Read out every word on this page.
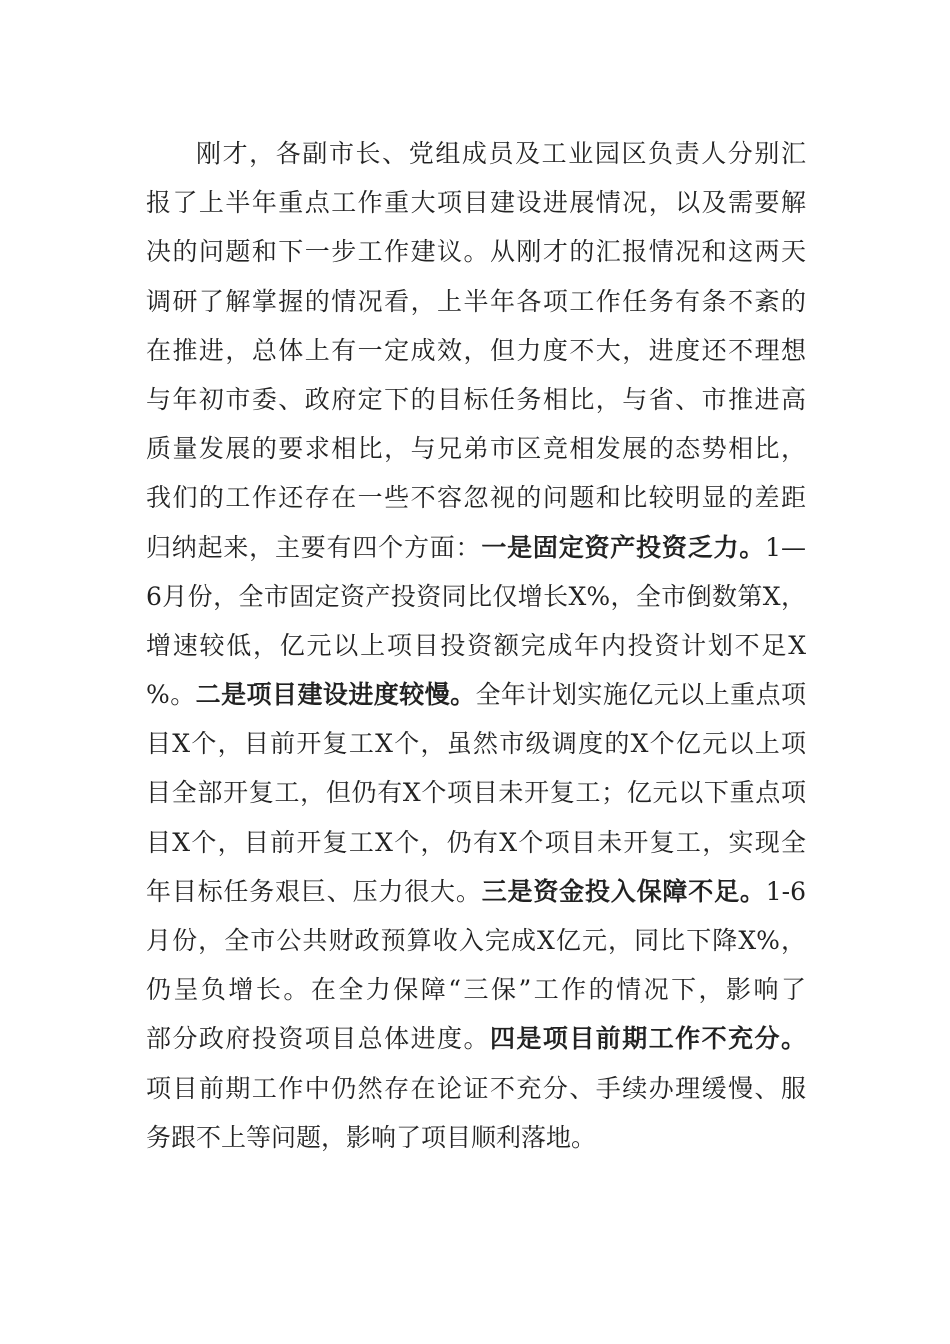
刚才，各副市长、党组成员及工业园区负责人分别汇
报了上半年重点工作重大项目建设进展情况，以及需要解
决的问题和下一步工作建议。从刚才的汇报情况和这两天
调研了解掌握的情况看，上半年各项工作任务有条不紊的
在推进，总体上有一定成效，但力度不大，进度还不理想
与年初市委、政府定下的目标任务相比，与省、市推进高
质量发展的要求相比，与兄弟市区竞相发展的态势相比，
我们的工作还存在一些不容忽视的问题和比较明显的差距
归纳起来，主要有四个方面：一是固定资产投资乏力。1—
6月份，全市固定资产投资同比仅增长X%，全市倒数第X，
增速较低，亿元以上项目投资额完成年内投资计划不足X
%。二是项目建设进度较慢。全年计划实施亿元以上重点项
目X个，目前开复工X个，虽然市级调度的X个亿元以上项
目全部开复工，但仍有X个项目未开复工；亿元以下重点项
目X个，目前开复工X个，仍有X个项目未开复工，实现全
年目标任务艰巨、压力很大。三是资金投入保障不足。1-6
月份，全市公共财政预算收入完成X亿元，同比下降X%，
仍呈负增长。在全力保障“三保”工作的情况下，影响了
部分政府投资项目总体进度。四是项目前期工作不充分。
项目前期工作中仍然存在论证不充分、手续办理缓慢、服
务跟不上等问题，影响了项目顺利落地。
